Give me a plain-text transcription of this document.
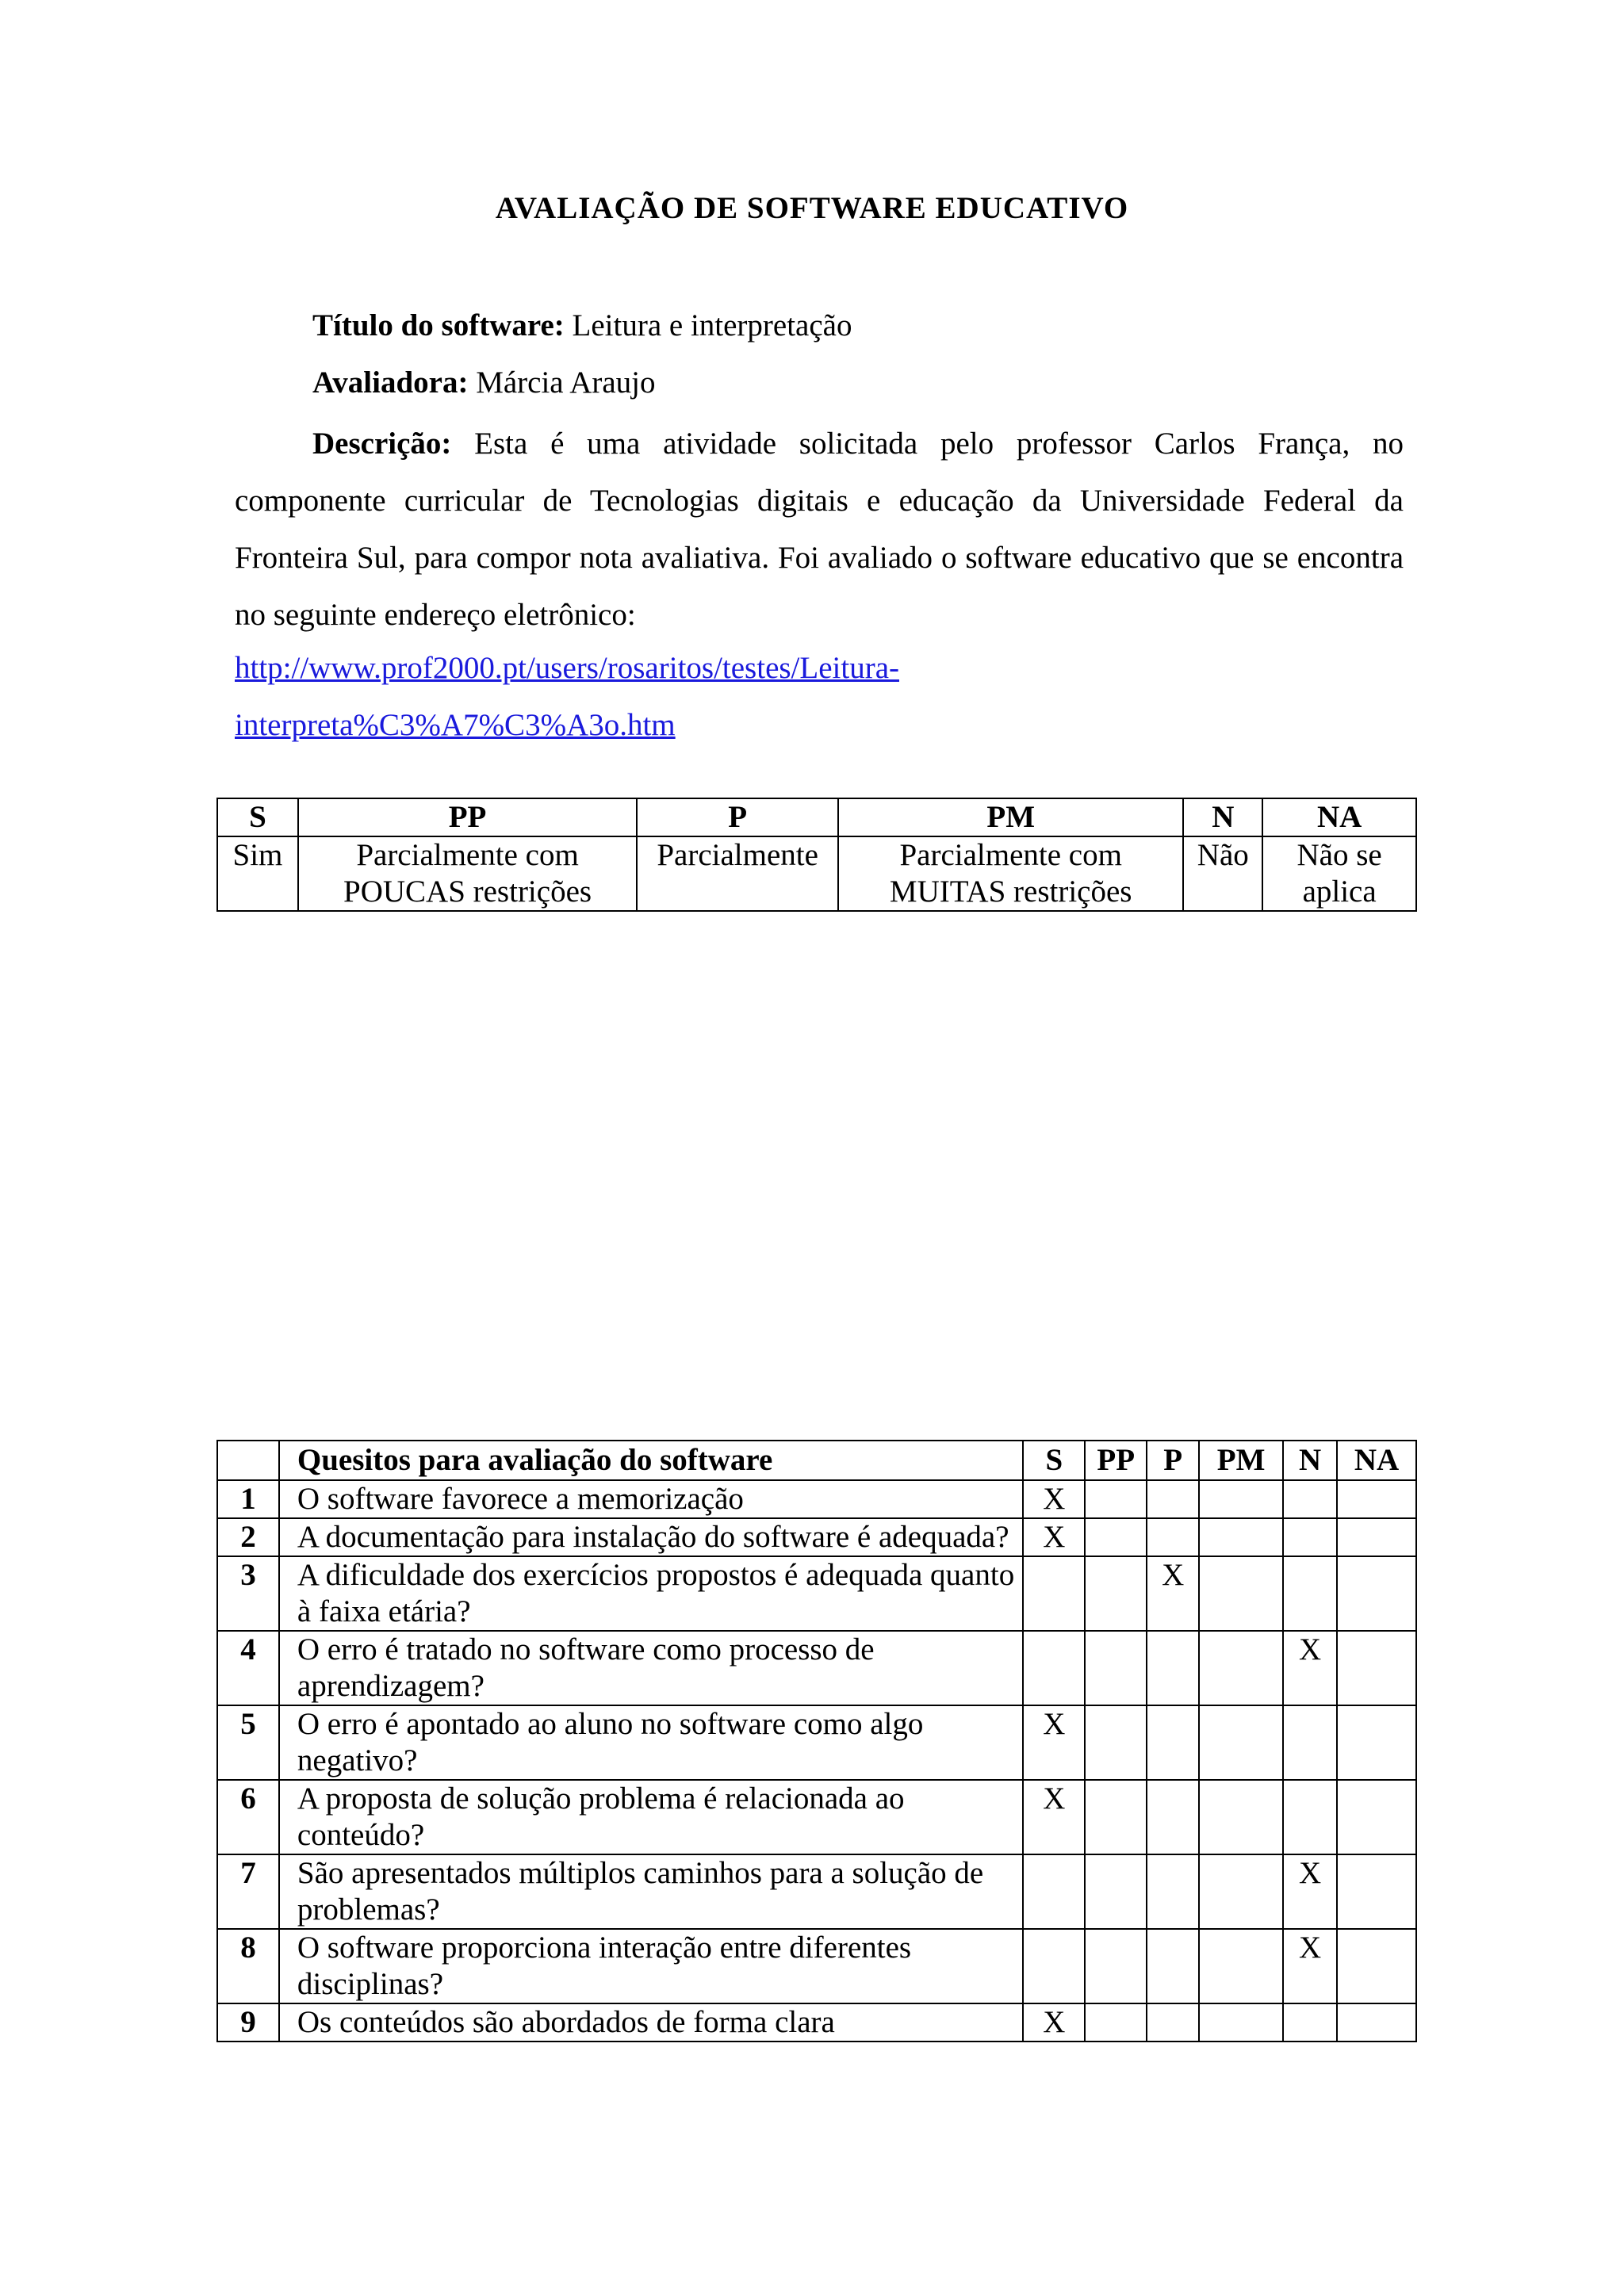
AVALIAÇÃO DE SOFTWARE EDUCATIVO
Título do software: Leitura e interpretação
Avaliadora: Márcia Araujo
Descrição: Esta é uma atividade solicitada pelo professor Carlos França, no componente curricular de Tecnologias digitais e educação da Universidade Federal da Fronteira Sul, para compor nota avaliativa. Foi avaliado o software educativo que se encontra no seguinte endereço eletrônico:
http://www.prof2000.pt/users/rosaritos/testes/Leitura-
interpreta%C3%A7%C3%A3o.htm
S	PP	P	PM	N	NA
Sim	Parcialmente com POUCAS restrições	Parcialmente	Parcialmente com MUITAS restrições	Não	Não se aplica
	Quesitos para avaliação do software	S	PP	P	PM	N	NA
1	O software favorece a memorização	X					
2	A documentação para instalação do software é adequada?	X					
3	A dificuldade dos exercícios propostos é adequada quanto à faixa etária?			X			
4	O erro é tratado no software como processo de aprendizagem?					X	
5	O erro é apontado ao aluno no software como algo negativo?	X					
6	A proposta de solução problema é relacionada ao conteúdo?	X					
7	São apresentados múltiplos caminhos para a solução de problemas?					X	
8	O software proporciona interação entre diferentes disciplinas?					X	
9	Os conteúdos são abordados de forma clara	X					
